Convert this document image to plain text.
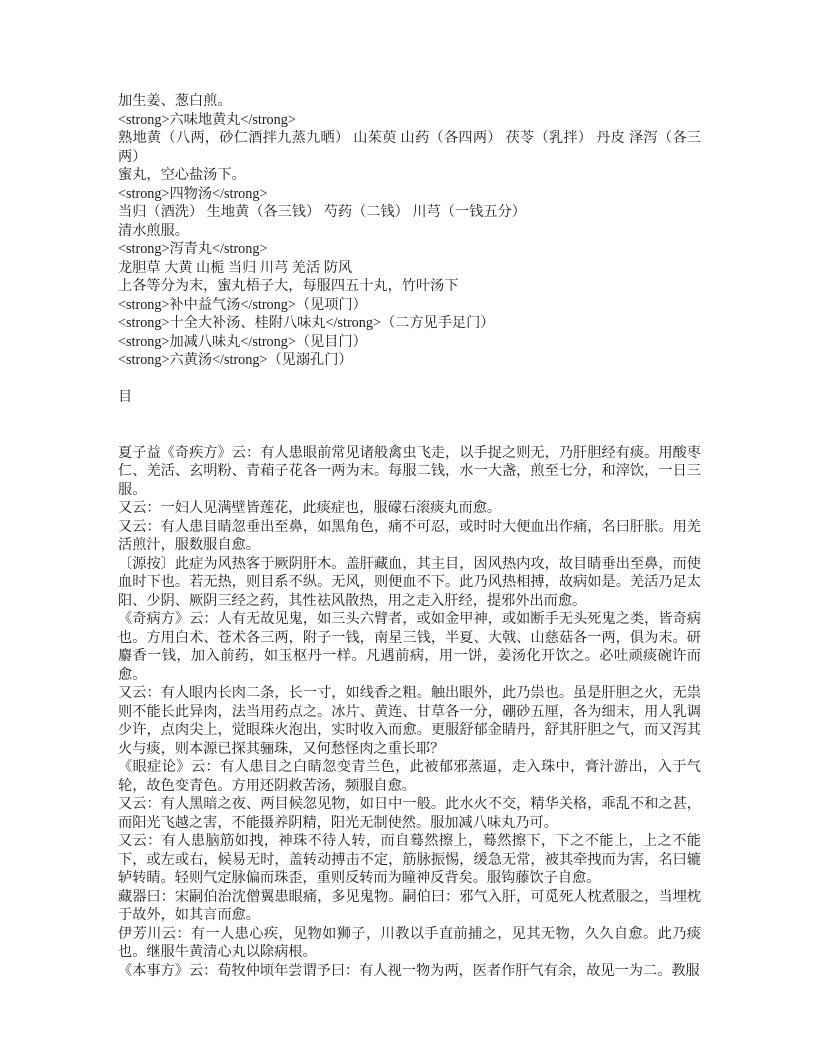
加生姜、葱白煎。
<strong>六味地黄丸</strong>
熟地黄（八两，砂仁酒拌九蒸九晒） 山茱萸 山药（各四两） 茯苓（乳拌） 丹皮 泽泻（各三两）
蜜丸，空心盐汤下。
<strong>四物汤</strong>
当归（酒洗） 生地黄（各三钱） 芍药（二钱） 川芎（一钱五分）
清水煎服。
<strong>泻青丸</strong>
龙胆草 大黄 山栀 当归 川芎 羌活 防风
上各等分为末，蜜丸梧子大，每服四五十丸，竹叶汤下
<strong>补中益气汤</strong>（见项门）
<strong>十全大补汤、桂附八味丸</strong>（二方见手足门）
<strong>加减八味丸</strong>（见目门）
<strong>六黄汤</strong>（见溺孔门）
目
夏子益《奇疾方》云：有人患眼前常见诸般禽虫飞走，以手捉之则无，乃肝胆经有痰。用酸枣仁、羌活、玄明粉、青葙子花各一两为末。每服二钱，水一大盏，煎至七分，和滓饮，一日三服。
又云：一妇人见满壁皆莲花，此痰症也，服礞石滚痰丸而愈。
又云：有人患目睛忽垂出至鼻，如黑角色，痛不可忍，或时时大便血出作痛，名曰肝胀。用羌活煎汁，服数服自愈。
〔源按〕此症为风热客于厥阴肝木。盖肝藏血，其主目，因风热内攻，故目睛垂出至鼻，而使血时下也。若无热，则目系不纵。无风，则便血不下。此乃风热相搏，故病如是。羌活乃足太阳、少阴、厥阴三经之药，其性祛风散热，用之走入肝经，提邪外出而愈。
《奇病方》云：人有无故见鬼，如三头六臂者，或如金甲神，或如断手无头死鬼之类，皆奇病也。方用白术、苍术各三两，附子一钱，南星三钱，半夏、大戟、山慈菇各一两，俱为末。研麝香一钱，加入前药，如玉枢丹一样。凡遇前病，用一饼，姜汤化开饮之。必吐顽痰碗许而愈。
又云：有人眼内长肉二条，长一寸，如线香之粗。触出眼外，此乃祟也。虽是肝胆之火，无祟则不能长此异肉，法当用药点之。冰片、黄连、甘草各一分，硼砂五厘，各为细末，用人乳调少许，点肉尖上，觉眼珠火泡出，实时收入而愈。更服舒郁金睛丹，舒其肝胆之气，而又泻其火与痰，则本源已探其骊珠，又何愁怪肉之重长耶？
《眼症论》云：有人患目之白睛忽变青兰色，此被郁邪蒸逼，走入珠中，膏汁游出，入于气轮，故色变青色。方用还阴救苦汤，频服自愈。
又云：有人黑暗之夜、两目候忽见物，如日中一般。此水火不交，精华关格，乖乱不和之甚，而阳光飞越之害，不能摄养阴精，阳光无制使然。服加减八味丸乃可。
又云：有人患脑筋如拽，神珠不待人转，而自蓦然擦上，蓦然擦下，下之不能上，上之不能下，或左或右，候易无时，盖转动搏击不定，筋脉振惕，缓急无常，被其牵拽而为害，名曰辘轳转睛。轻则气定脉偏而珠歪，重则反转而为瞳神反背矣。服钩藤饮子自愈。
藏器曰：宋嗣伯治沈僧翼患眼痛，多见鬼物。嗣伯曰：邪气入肝，可觅死人枕煮服之，当埋枕于故外，如其言而愈。
伊芳川云：有一人患心疾，见物如狮子，川教以手直前捕之，见其无物，久久自愈。此乃痰也。继服牛黄清心丸以除病根。
《本事方》云：荀牧仲顷年尝谓予曰：有人视一物为两，医者作肝气有余，故见一为二。教服
